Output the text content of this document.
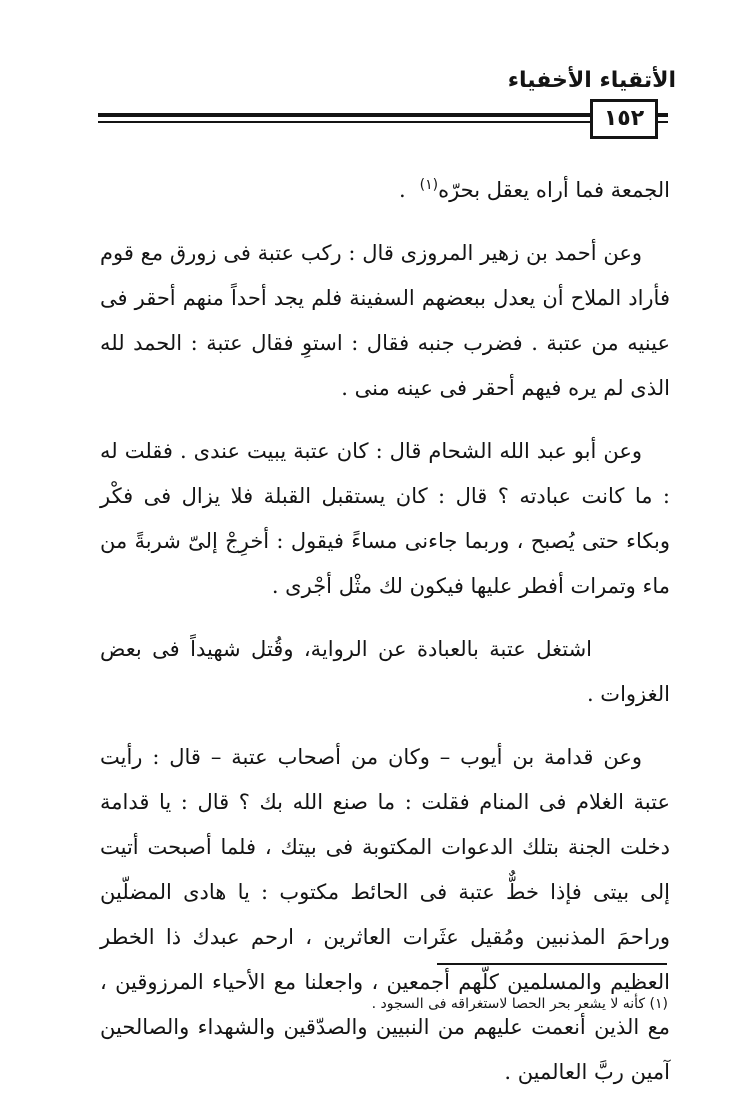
الأتقياء الأخفياء
١٥٢

الجمعة فما أراه يعقل بحرّه(١).

وعن أحمد بن زهير المروزى قال : ركب عتبة فى زورق مع قوم فأراد الملاح أن يعدل ببعضهم السفينة فلم يجد أحداً منهم أحقر فى عينيه من عتبة . فضرب جنبه فقال : استوِ فقال عتبة : الحمد لله الذى لم يره فيهم أحقر فى عينه منى .

وعن أبو عبد الله الشحام قال : كان عتبة يبيت عندى . فقلت له : ما كانت عبادته ؟ قال : كان يستقبل القبلة فلا يزال فى فكْر وبكاء حتى يُصبح ، وربما جاءنى مساءً فيقول : أخرِجْ إلىّ شربةً من ماء وتمرات أفطر عليها فيكون لك مثْل أجْرى .

اشتغل عتبة بالعبادة عن الرواية، وقُتل شهيداً فى بعض الغزوات .

وعن قدامة بن أيوب – وكان من أصحاب عتبة – قال : رأيت عتبة الغلام فى المنام فقلت : ما صنع الله بك ؟ قال : يا قدامة دخلت الجنة بتلك الدعوات المكتوبة فى بيتك ، فلما أصبحت أتيت إلى بيتى فإذا خطٌّ عتبة فى الحائط مكتوب : يا هادى المضلّين وراحمَ المذنبين ومُقيل عثَرات العاثرين ، ارحم عبدك ذا الخطر العظيم والمسلمين كلّهم أجمعين ، واجعلنا مع الأحياء المرزوقين ، مع الذين أنعمت عليهم من النبيين والصدّقين والشهداء والصالحين آمين ربَّ العالمين .

(١) كأنه لا يشعر بحر الحصا لاستغراقه فى السجود .
